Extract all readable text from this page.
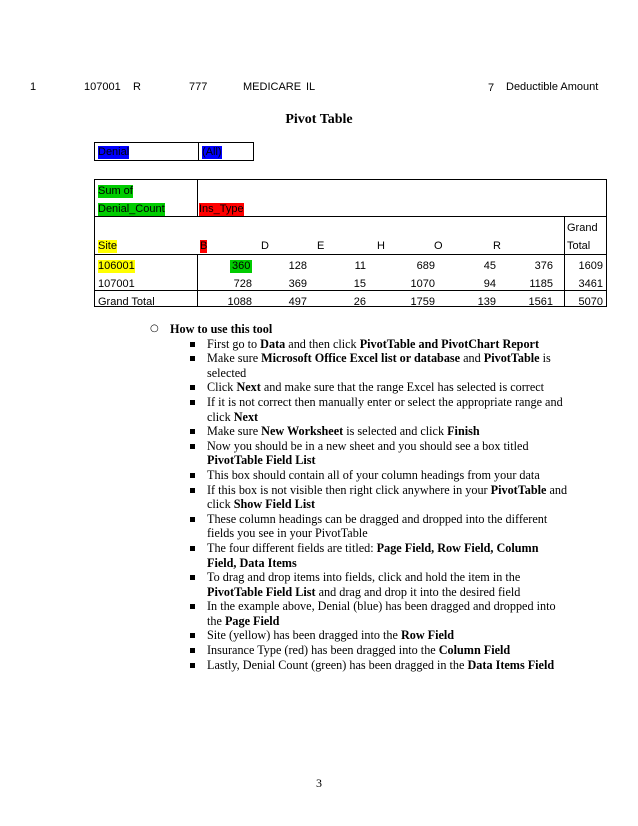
1	107001 R	777	MEDICARE IL	7 Deductible Amount
Pivot Table
Denial	(All)
Sum of
Denial_Count	Ins_Type
Grand
Site	B	D	E	H	O	R	Total
106001	360	128	11	689	45	376	1609
107001	728	369	15	1070	94	1185	3461
Grand Total	1088	497	26	1759	139	1561	5070
○ How to use this tool
First go to Data and then click PivotTable and PivotChart Report
Make sure Microsoft Office Excel list or database and PivotTable is selected
Click Next and make sure that the range Excel has selected is correct
If it is not correct then manually enter or select the appropriate range and click Next
Make sure New Worksheet is selected and click Finish
Now you should be in a new sheet and you should see a box titled PivotTable Field List
This box should contain all of your column headings from your data
If this box is not visible then right click anywhere in your PivotTable and click Show Field List
These column headings can be dragged and dropped into the different fields you see in your PivotTable
The four different fields are titled: Page Field, Row Field, Column Field, Data Items
To drag and drop items into fields, click and hold the item in the PivotTable Field List and drag and drop it into the desired field
In the example above, Denial (blue) has been dragged and dropped into the Page Field
Site (yellow) has been dragged into the Row Field
Insurance Type (red) has been dragged into the Column Field
Lastly, Denial Count (green) has been dragged in the Data Items Field
3
